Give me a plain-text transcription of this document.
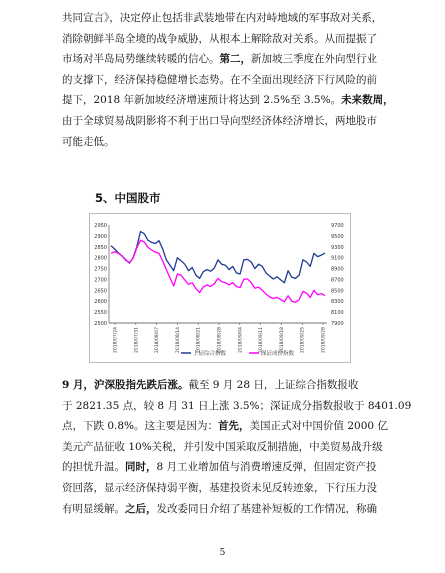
共同宣言》，决定停止包括非武装地带在内对峙地域的军事敌对关系，
消除朝鲜半岛全境的战争威胁，从根本上解除敌对关系。从而提振了
市场对半岛局势继续转暖的信心。第二，新加坡三季度在外向型行业
的支撑下，经济保持稳健增长态势。在不全面出现经济下行风险的前
提下，2018 年新加坡经济增速预计将达到 2.5%至 3.5%。未来数周，
由于全球贸易战阴影将不利于出口导向型经济体经济增长，两地股市
可能走低。
5、中国股市
2500
2550
2600
2650
2700
2750
2800
2850
2900
2950
7900
8100
8300
8500
8700
8900
9100
9300
9500
9700
2018/07/24	2018/07/31	2018/08/07	2018/08/14	2018/08/21	2018/08/28	2018/09/04	2018/09/11	2018/09/18	2018/09/25	2018/09/28
上证综合指数	深证成份指数
9 月，沪深股指先跌后涨。截至 9 月 28 日，上证综合指数报收
于 2821.35 点，较 8 月 31 日上涨 3.5%；深证成分指数报收于 8401.09
点，下跌 0.8%。这主要是因为：首先，美国正式对中国价值 2000 亿
美元产品征收 10%关税，并引发中国采取反制措施，中美贸易战升级
的担忧升温。同时，8 月工业增加值与消费增速反弹，但固定资产投
资回落，显示经济保持弱平衡，基建投资未见反转迹象，下行压力没
有明显缓解。之后，发改委同日介绍了基建补短板的工作情况，称确
5
